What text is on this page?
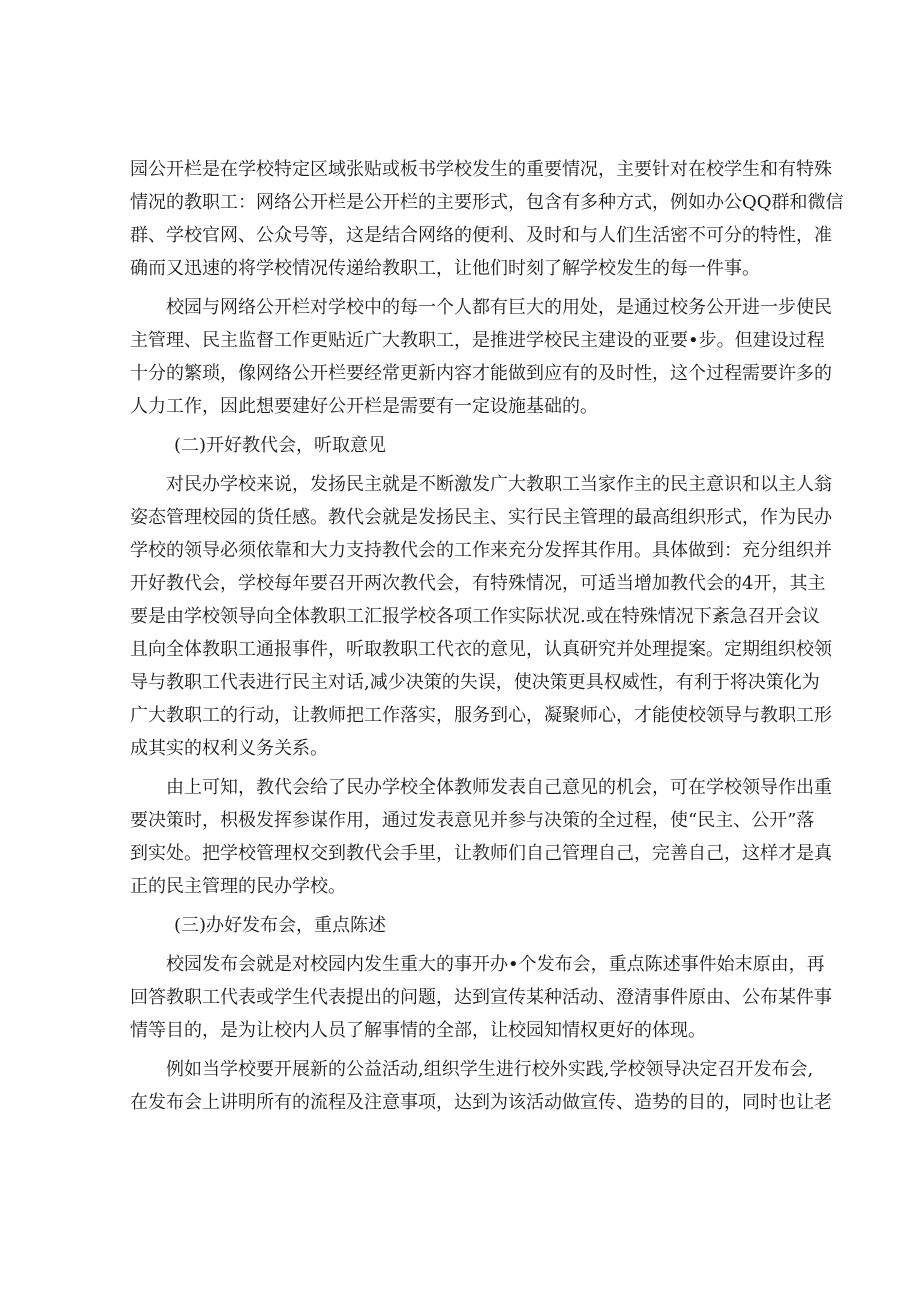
园公开栏是在学校特定区域张贴或板书学校发生的重要情况，主要针对在校学生和有特殊
情况的教职工：网络公开栏是公开栏的主要形式，包含有多种方式，例如办公QQ群和微信
群、学校官网、公众号等，这是结合网络的便利、及时和与人们生活密不可分的特性，准
确而又迅速的将学校情况传递给教职工，让他们时刻了解学校发生的每一件事。
校园与网络公开栏对学校中的每一个人都有巨大的用处，是通过校务公开进一步使民
主管理、民主监督工作更贴近广大教职工，是推进学校民主建设的亚要•步。但建设过程
十分的繁琐，像网络公开栏要经常更新内容才能做到应有的及时性，这个过程需要许多的
人力工作，因此想要建好公开栏是需要有一定设施基础的。
(二)开好教代会，听取意见
对民办学校来说，发扬民主就是不断激发广大教职工当家作主的民主意识和以主人翁
姿态管理校园的货任感。教代会就是发扬民主、实行民主管理的最高组织形式，作为民办
学校的领导必须依靠和大力支持教代会的工作来充分发挥其作用。具体做到：充分组织并
开好教代会，学校每年要召开两次教代会，有特殊情况，可适当增加教代会的4开，其主
要是由学校领导向全体教职工汇报学校各项工作实际状况.或在特殊情况下紊急召开会议
且向全体教职工通报事件，听取教职工代衣的意见，认真研究并处理提案。定期组织校领
导与教职工代表进行民主对话,减少决策的失误，使决策更具权威性，有利于将决策化为
广大教职工的行动，让教师把工作落实，服务到心，凝聚师心，才能使校领导与教职工形
成其实的权利义务关系。
由上可知，教代会给了民办学校全体教师发表自己意见的机会，可在学校领导作出重
要决策时，枳极发挥参谋作用，通过发表意见并参与决策的全过程，使“民主、公开”落
到实处。把学校管理权交到教代会手里，让教师们自己管理自己，完善自己，这样才是真
正的民主管理的民办学校。
(三)办好发布会，重点陈述
校园发布会就是对校园内发生重大的事开办•个发布会，重点陈述事件始末原由，再
回答教职工代表或学生代表提出的问题，达到宣传某种活动、澄清事件原由、公布某件事
情等目的，是为让校内人员了解事情的全部，让校园知情权更好的体现。
例如当学校要开展新的公益活动,组织学生进行校外实践,学校领导决定召开发布会,
在发布会上讲明所有的流程及注意事项，达到为该活动做宣传、造势的目的，同时也让老
